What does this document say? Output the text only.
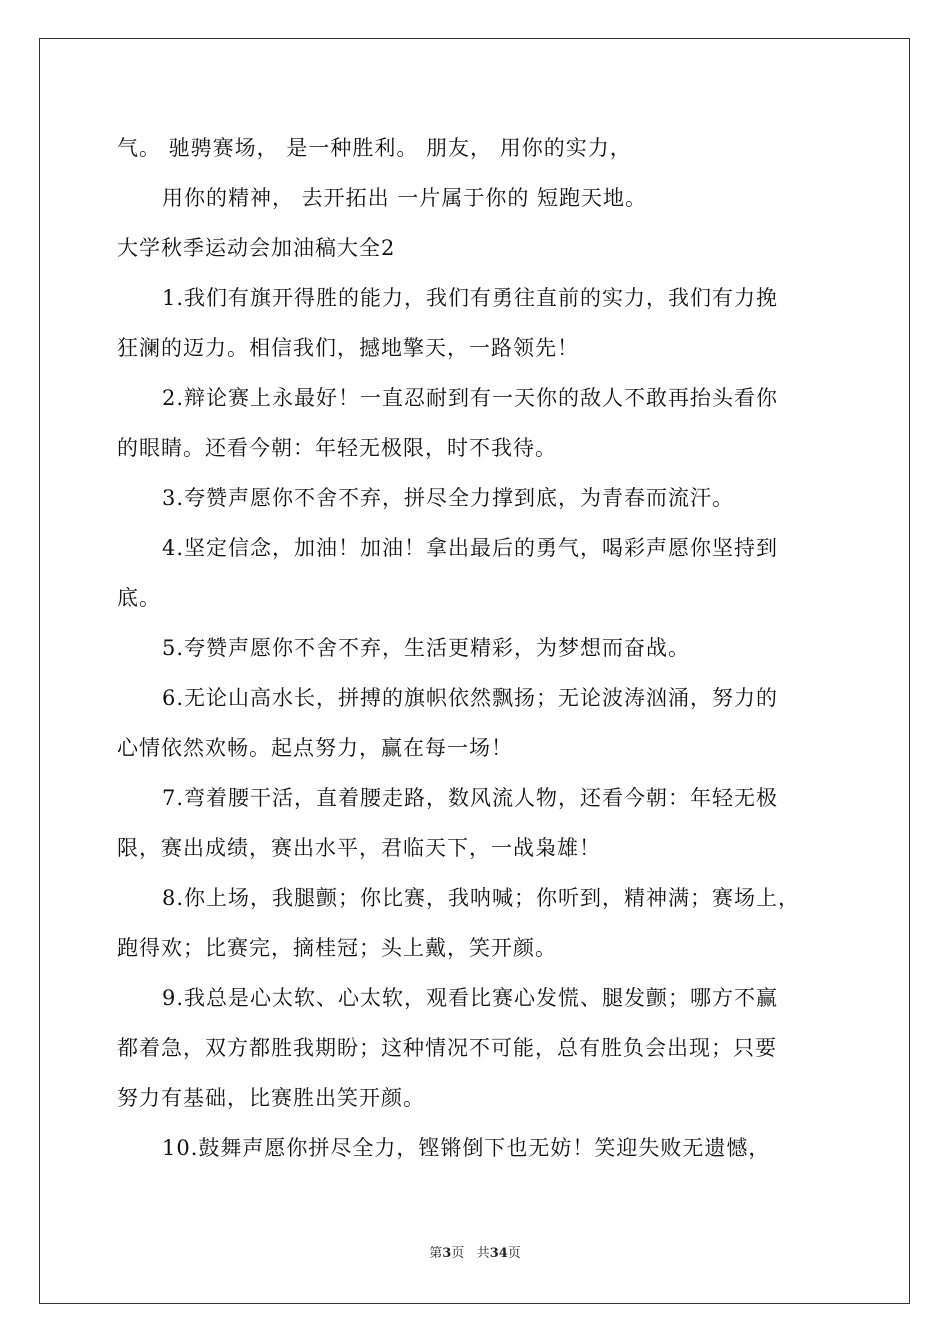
气。 驰骋赛场， 是一种胜利。 朋友， 用你的实力，
用你的精神， 去开拓出 一片属于你的 短跑天地。
大学秋季运动会加油稿大全2
1.我们有旗开得胜的能力，我们有勇往直前的实力，我们有力挽
狂澜的迈力。相信我们，撼地擎天，一路领先！
2.辩论赛上永最好！一直忍耐到有一天你的敌人不敢再抬头看你
的眼睛。还看今朝：年轻无极限，时不我待。
3.夸赞声愿你不舍不弃，拼尽全力撑到底，为青春而流汗。
4.坚定信念，加油！加油！拿出最后的勇气，喝彩声愿你坚持到
底。
5.夸赞声愿你不舍不弃，生活更精彩，为梦想而奋战。
6.无论山高水长，拼搏的旗帜依然飘扬；无论波涛汹涌，努力的
心情依然欢畅。起点努力，赢在每一场！
7.弯着腰干活，直着腰走路，数风流人物，还看今朝：年轻无极
限，赛出成绩，赛出水平，君临天下，一战枭雄！
8.你上场，我腿颤；你比赛，我呐喊；你听到，精神满；赛场上，
跑得欢；比赛完，摘桂冠；头上戴，笑开颜。
9.我总是心太软、心太软，观看比赛心发慌、腿发颤；哪方不赢
都着急，双方都胜我期盼；这种情况不可能，总有胜负会出现；只要
努力有基础，比赛胜出笑开颜。
10.鼓舞声愿你拼尽全力，铿锵倒下也无妨！笑迎失败无遗憾，
第3页 共34页
